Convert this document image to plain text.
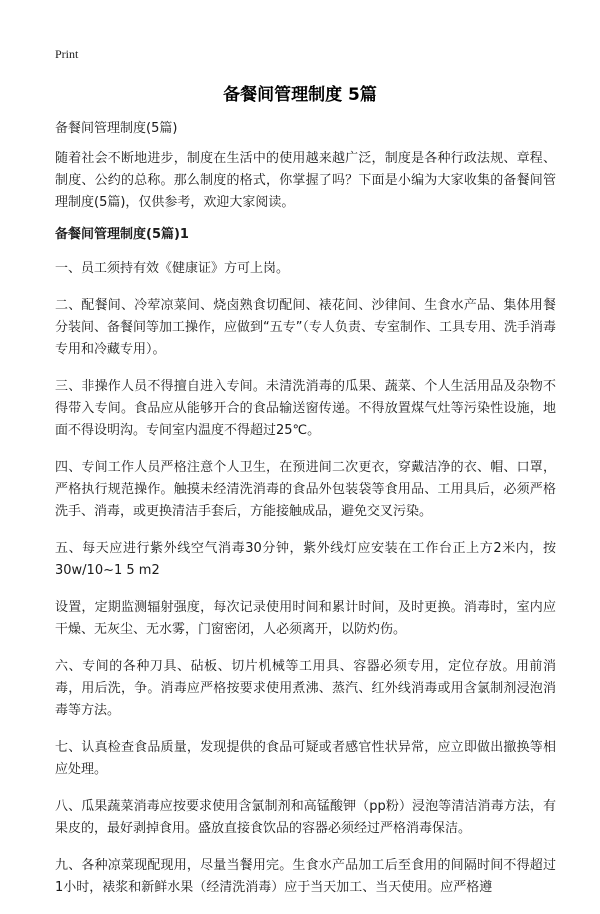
Print
备餐间管理制度 5篇

备餐间管理制度(5篇)

随着社会不断地进步，制度在生活中的使用越来越广泛，制度是各种行政法规、章程、制度、公约的总称。那么制度的格式，你掌握了吗？下面是小编为大家收集的备餐间管理制度(5篇)，仅供参考，欢迎大家阅读。

备餐间管理制度(5篇)1

一、员工须持有效《健康证》方可上岗。

二、配餐间、冷荤凉菜间、烧卤熟食切配间、裱花间、沙律间、生食水产品、集体用餐分装间、备餐间等加工操作，应做到“五专”（专人负责、专室制作、工具专用、洗手消毒专用和冷藏专用）。

三、非操作人员不得擅自进入专间。未清洗消毒的瓜果、蔬菜、个人生活用品及杂物不得带入专间。食品应从能够开合的食品输送窗传递。不得放置煤气灶等污染性设施，地面不得设明沟。专间室内温度不得超过25℃。

四、专间工作人员严格注意个人卫生，在预进间二次更衣，穿戴洁净的衣、帽、口罩，严格执行规范操作。触摸未经清洗消毒的食品外包装袋等食用品、工用具后，必须严格洗手、消毒，或更换清洁手套后，方能接触成品，避免交叉污染。

五、每天应进行紫外线空气消毒30分钟，紫外线灯应安装在工作台正上方2米内，按30w/10~1 5 m2

设置，定期监测辐射强度，每次记录使用时间和累计时间，及时更换。消毒时，室内应干燥、无灰尘、无水雾，门窗密闭，人必须离开，以防灼伤。

六、专间的各种刀具、砧板、切片机械等工用具、容器必须专用，定位存放。用前消毒，用后洗，争。消毒应严格按要求使用煮沸、蒸汽、红外线消毒或用含氯制剂浸泡消毒等方法。

七、认真检查食品质量，发现提供的食品可疑或者感官性状异常，应立即做出撤换等相应处理。

八、瓜果蔬菜消毒应按要求使用含氯制剂和高锰酸钾（pp粉）浸泡等清洁消毒方法，有果皮的，最好剥掉食用。盛放直接食饮品的容器必须经过严格消毒保洁。

九、各种凉菜现配现用，尽量当餐用完。生食水产品加工后至食用的间隔时间不得超过1小时，裱浆和新鲜水果（经清洗消毒）应于当天加工、当天使用。应严格遵
